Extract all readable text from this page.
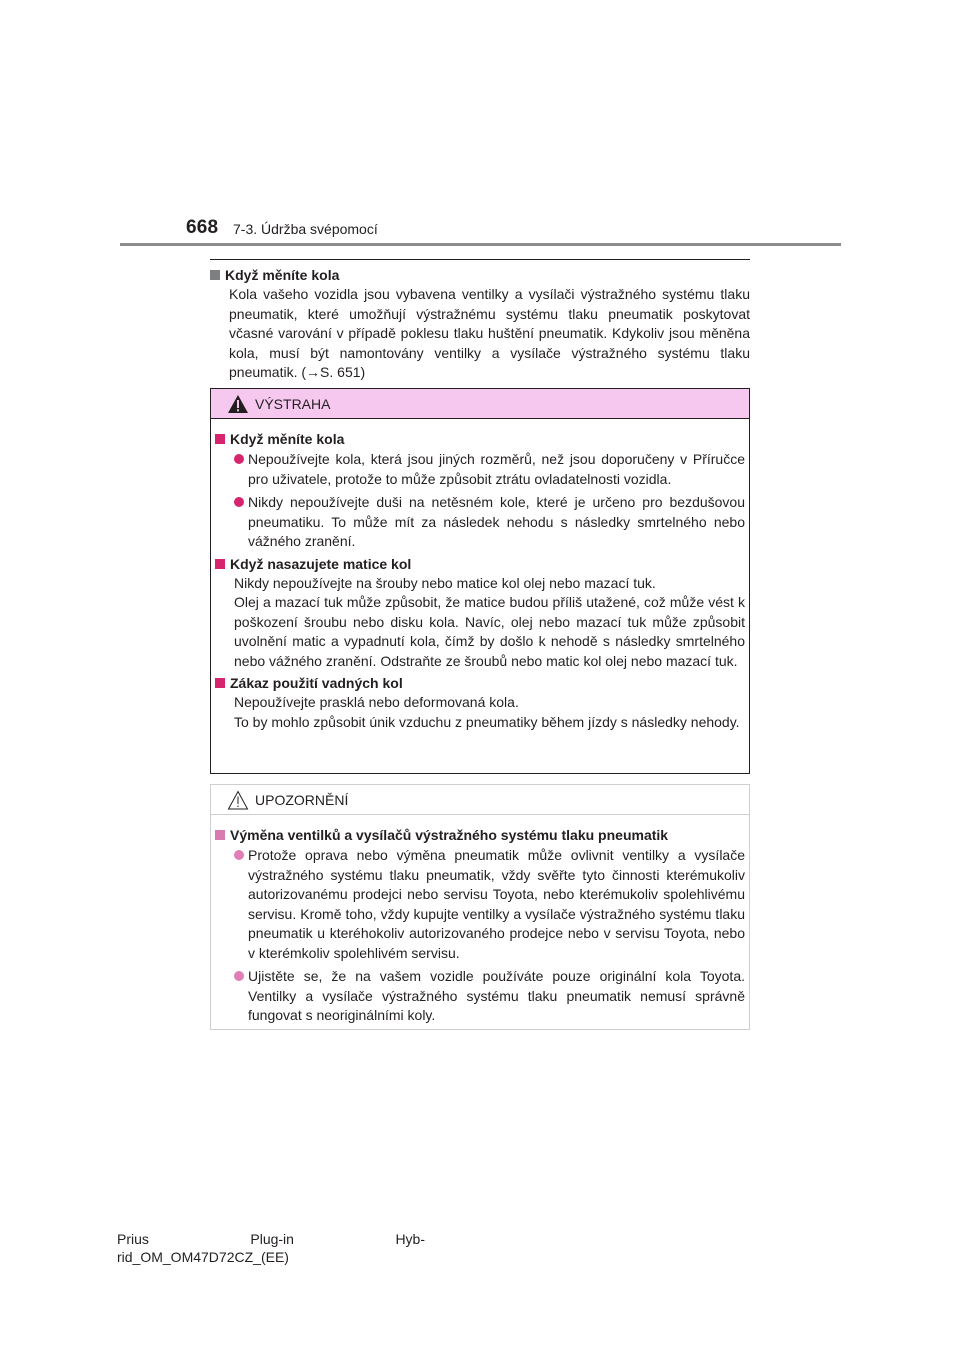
668 7-3. Údržba svépomocí
Když měníte kola
Kola vašeho vozidla jsou vybavena ventilky a vysílači výstražného systému tlaku pneumatik, které umožňují výstražnému systému tlaku pneumatik poskytovat včasné varování v případě poklesu tlaku huštění pneumatik. Kdykoliv jsou měněna kola, musí být namontovány ventilky a vysílače výstražného systému tlaku pneumatik. (→S. 651)
VÝSTRAHA
Když měníte kola
Nepoužívejte kola, která jsou jiných rozměrů, než jsou doporučeny v Příručce pro uživatele, protože to může způsobit ztrátu ovladatelnosti vozidla.
Nikdy nepoužívejte duši na netěsném kole, které je určeno pro bezdušovou pneumatiku. To může mít za následek nehodu s následky smrtelného nebo vážného zranění.
Když nasazujete matice kol
Nikdy nepoužívejte na šrouby nebo matice kol olej nebo mazací tuk.
Olej a mazací tuk může způsobit, že matice budou příliš utažené, což může vést k poškození šroubu nebo disku kola. Navíc, olej nebo mazací tuk může způsobit uvolnění matic a vypadnutí kola, čímž by došlo k nehodě s následky smrtelného nebo vážného zranění. Odstraňte ze šroubů nebo matic kol olej nebo mazací tuk.
Zákaz použití vadných kol
Nepoužívejte prasklá nebo deformovaná kola.
To by mohlo způsobit únik vzduchu z pneumatiky během jízdy s následky nehody.
UPOZORNĚNÍ
Výměna ventilků a vysílačů výstražného systému tlaku pneumatik
Protože oprava nebo výměna pneumatik může ovlivnit ventilky a vysílače výstražného systému tlaku pneumatik, vždy svěřte tyto činnosti kterémukoliv autorizovanému prodejci nebo servisu Toyota, nebo kterémukoliv spolehlivému servisu. Kromě toho, vždy kupujte ventilky a vysílače výstražného systému tlaku pneumatik u kteréhokoliv autorizovaného prodejce nebo v servisu Toyota, nebo v kterémkoliv spolehlivém servisu.
Ujistěte se, že na vašem vozidle používáte pouze originální kola Toyota. Ventilky a vysílače výstražného systému tlaku pneumatik nemusí správně fungovat s neoriginálními koly.
Prius	Plug-in	Hyb-
rid_OM_OM47D72CZ_(EE)
